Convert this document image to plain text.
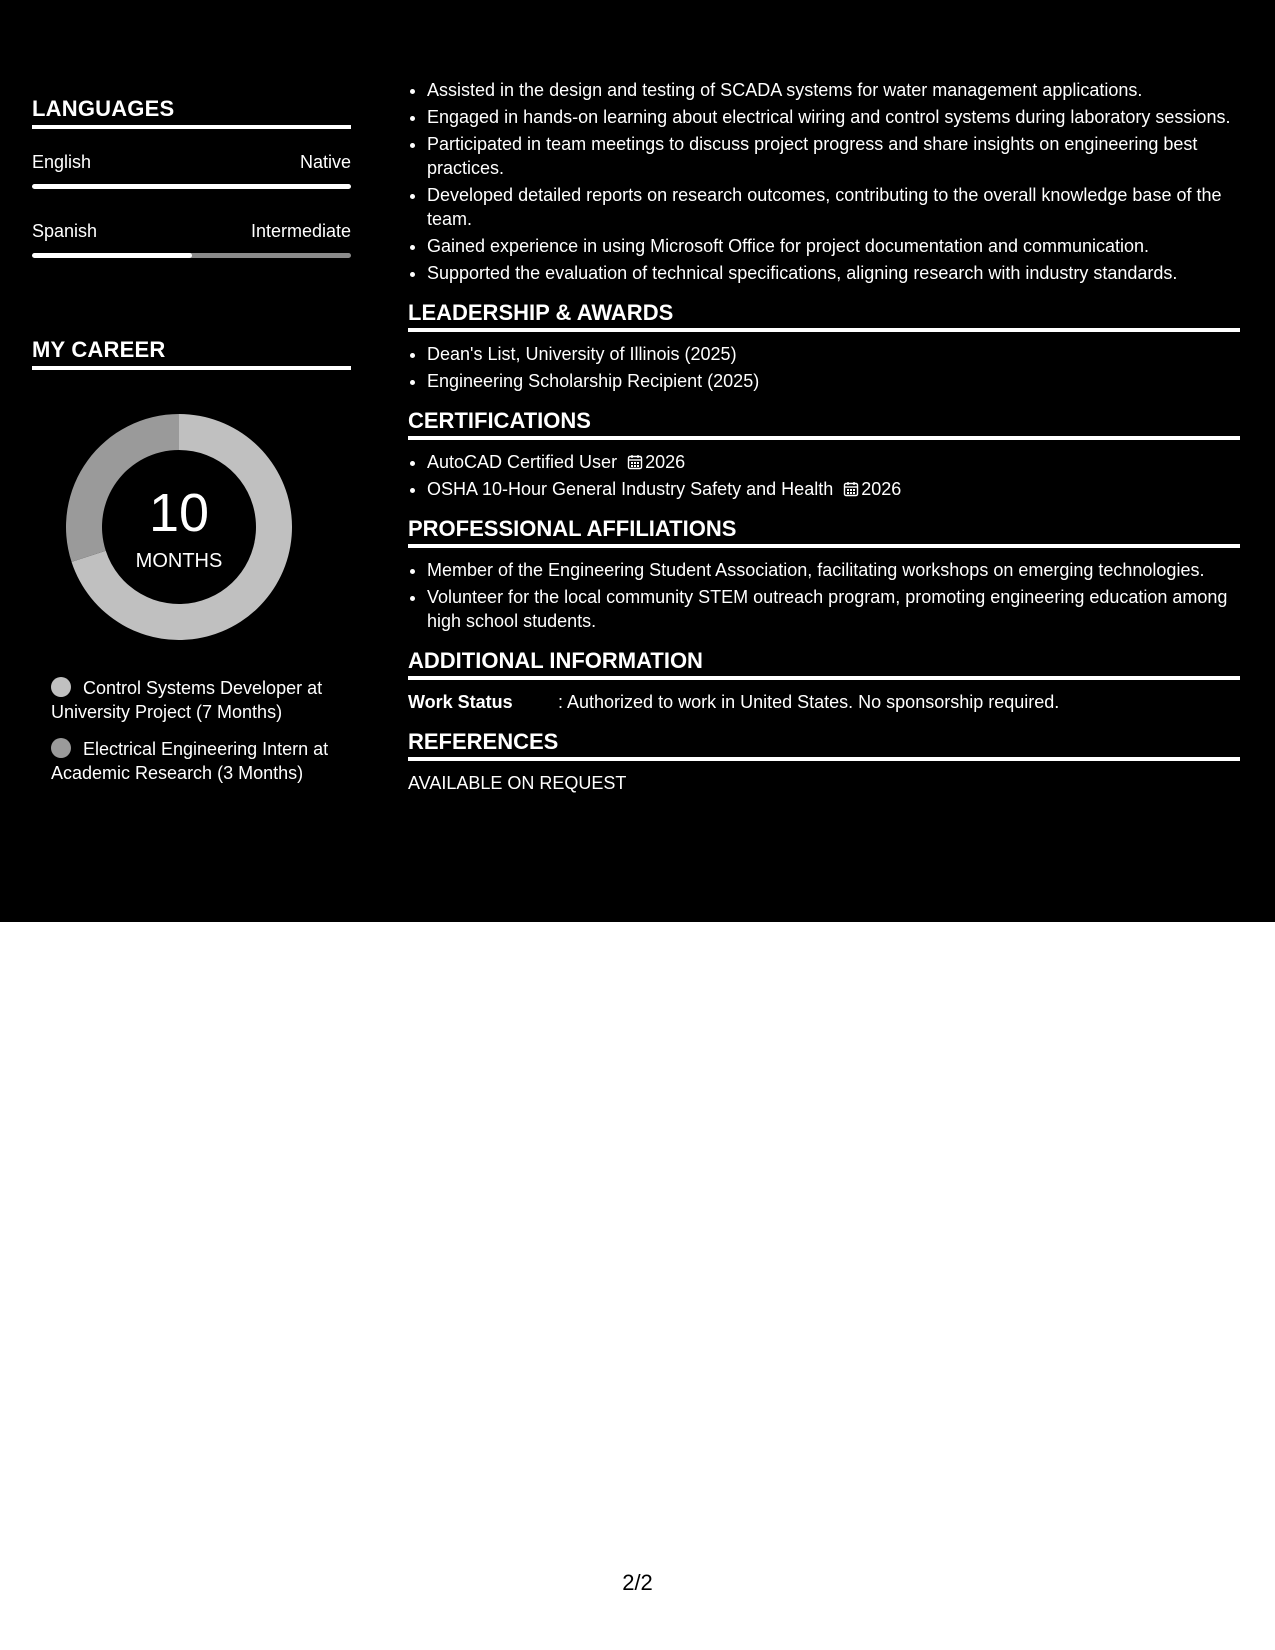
LANGUAGES
English	Native
Spanish	Intermediate
MY CAREER
10
MONTHS
Control Systems Developer at University Project (7 Months)
Electrical Engineering Intern at Academic Research (3 Months)
• Assisted in the design and testing of SCADA systems for water management applications.
• Engaged in hands-on learning about electrical wiring and control systems during laboratory sessions.
• Participated in team meetings to discuss project progress and share insights on engineering best practices.
• Developed detailed reports on research outcomes, contributing to the overall knowledge base of the team.
• Gained experience in using Microsoft Office for project documentation and communication.
• Supported the evaluation of technical specifications, aligning research with industry standards.
LEADERSHIP & AWARDS
• Dean's List, University of Illinois (2025)
• Engineering Scholarship Recipient (2025)
CERTIFICATIONS
• AutoCAD Certified User 2026
• OSHA 10-Hour General Industry Safety and Health 2026
PROFESSIONAL AFFILIATIONS
• Member of the Engineering Student Association, facilitating workshops on emerging technologies.
• Volunteer for the local community STEM outreach program, promoting engineering education among high school students.
ADDITIONAL INFORMATION
Work Status	: Authorized to work in United States. No sponsorship required.
REFERENCES
AVAILABLE ON REQUEST
2/2
